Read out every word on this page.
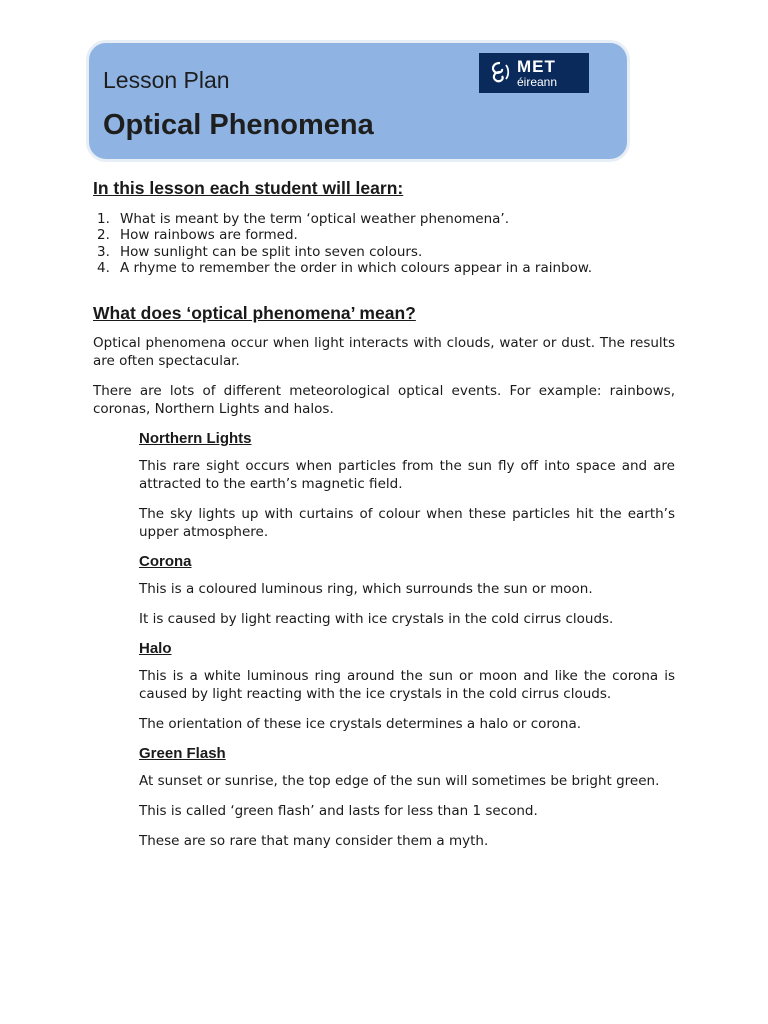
Lesson Plan
Optical Phenomena
MET
éireann
In this lesson each student will learn:
1. What is meant by the term ‘optical weather phenomena’.
2. How rainbows are formed.
3. How sunlight can be split into seven colours.
4. A rhyme to remember the order in which colours appear in a rainbow.
What does ‘optical phenomena’ mean?

Optical phenomena occur when light interacts with clouds, water or dust. The results are often spectacular.

There are lots of different meteorological optical events. For example: rainbows, coronas, Northern Lights and halos.

Northern Lights

This rare sight occurs when particles from the sun fly off into space and are attracted to the earth’s magnetic field.

The sky lights up with curtains of colour when these particles hit the earth’s upper atmosphere.

Corona

This is a coloured luminous ring, which surrounds the sun or moon.

It is caused by light reacting with ice crystals in the cold cirrus clouds.

Halo

This is a white luminous ring around the sun or moon and like the corona is caused by light reacting with the ice crystals in the cold cirrus clouds.

The orientation of these ice crystals determines a halo or corona.

Green Flash

At sunset or sunrise, the top edge of the sun will sometimes be bright green.

This is called ‘green flash’ and lasts for less than 1 second.

These are so rare that many consider them a myth.
